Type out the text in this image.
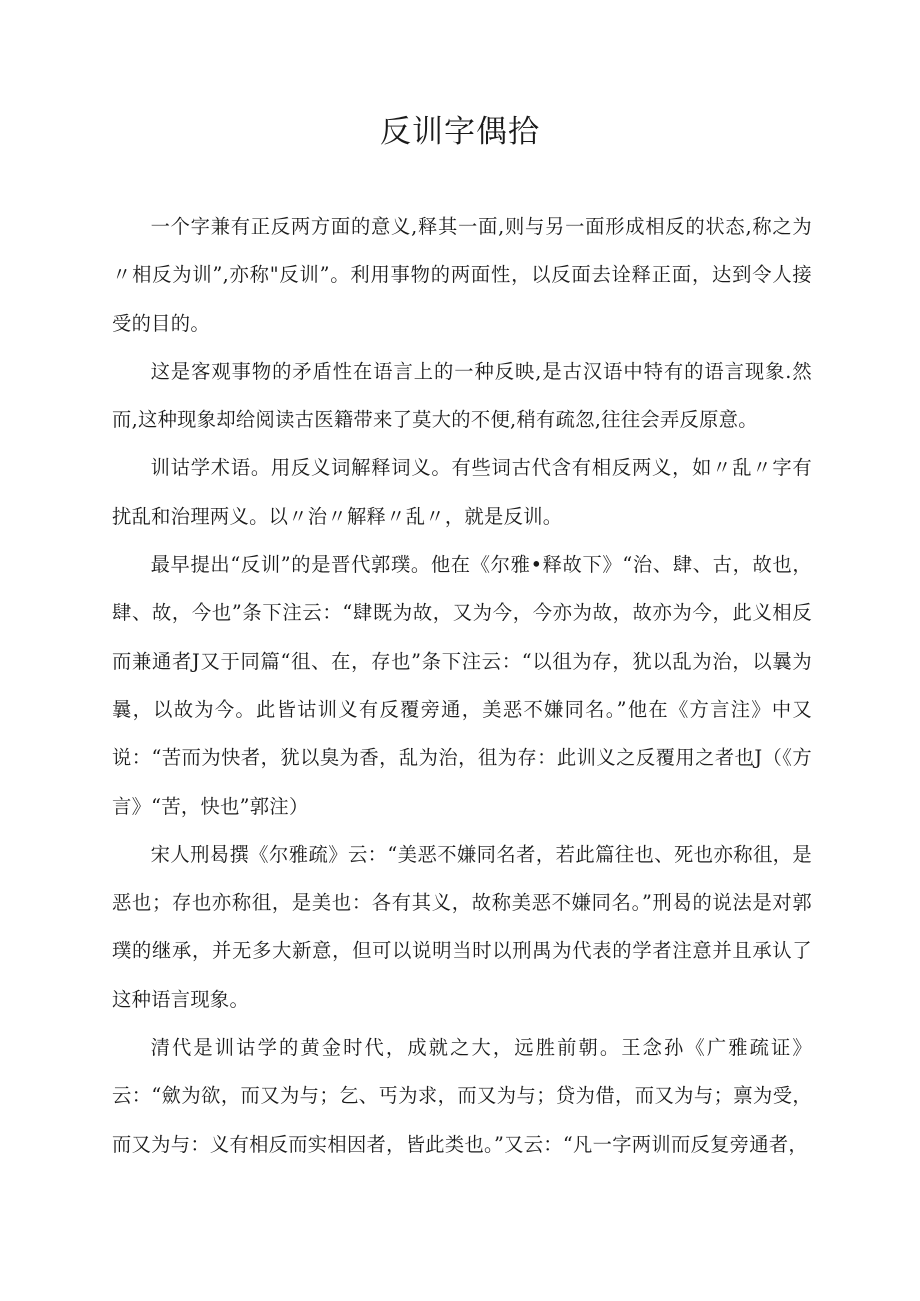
反训字偶拾

一个字兼有正反两方面的意义,释其一面,则与另一面形成相反的状态,称之为〃相反为训”,亦称"反训”。利用事物的两面性，以反面去诠释正面，达到令人接受的目的。

这是客观事物的矛盾性在语言上的一种反映,是古汉语中特有的语言现象.然而,这种现象却给阅读古医籍带来了莫大的不便,稍有疏忽,往往会弄反原意。

训诂学术语。用反义词解释词义。有些词古代含有相反两义，如〃乱〃字有扰乱和治理两义。以〃治〃解释〃乱〃，就是反训。

最早提出“反训”的是晋代郭璞。他在《尔雅•释故下》“治、肆、古，故也，肆、故，今也”条下注云：“肆既为故，又为今，今亦为故，故亦为今，此义相反而兼通者J又于同篇“徂、在，存也”条下注云：“以徂为存，犹以乱为治，以曩为曩，以故为今。此皆诂训义有反覆旁通，美恶不嫌同名。”他在《方言注》中又说：“苦而为快者，犹以臭为香，乱为治，徂为存：此训义之反覆用之者也J（《方言》“苦，快也”郭注）

宋人刑曷撰《尔雅疏》云：“美恶不嫌同名者，若此篇往也、死也亦称徂，是恶也；存也亦称徂，是美也：各有其义，故称美恶不嫌同名。”刑曷的说法是对郭璞的继承，并无多大新意，但可以说明当时以刑禺为代表的学者注意并且承认了这种语言现象。

清代是训诂学的黄金时代，成就之大，远胜前朝。王念孙《广雅疏证》云：“歛为欲，而又为与；乞、丐为求，而又为与；贷为借，而又为与；禀为受，而又为与：义有相反而实相因者，皆此类也。”又云：“凡一字两训而反复旁通者，
